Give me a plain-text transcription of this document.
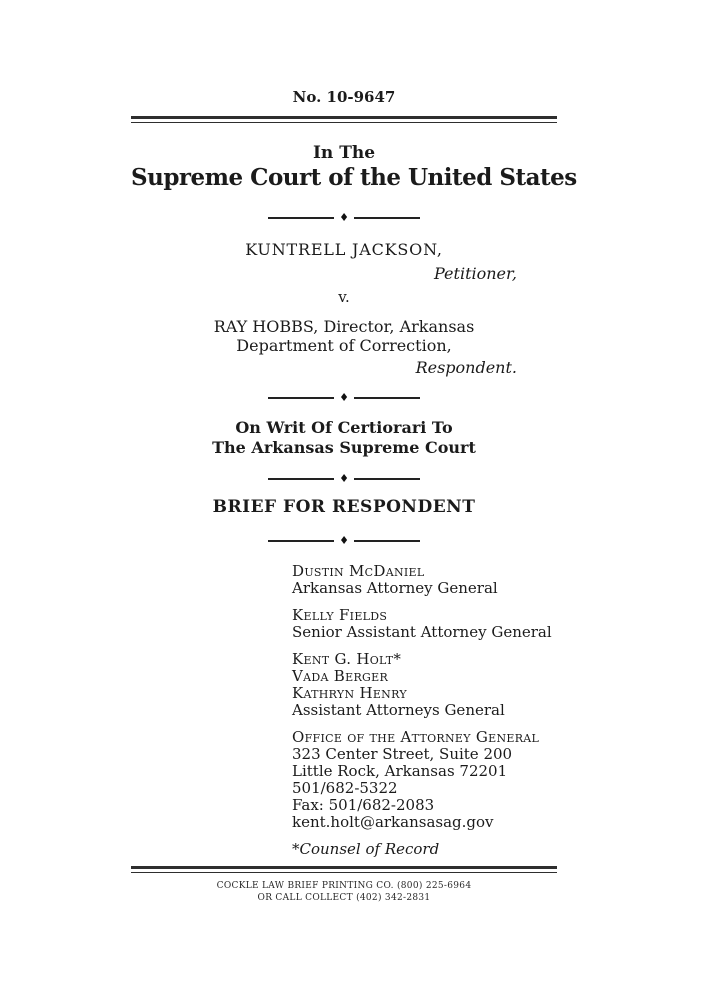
No. 10-9647
In The
Supreme Court of the United States
♦
KUNTRELL JACKSON,
Petitioner,
v.
RAY HOBBS, Director, Arkansas
Department of Correction,
Respondent.
♦
On Writ Of Certiorari To
The Arkansas Supreme Court
♦
BRIEF FOR RESPONDENT
♦
Dustin McDaniel
Arkansas Attorney General
Kelly Fields
Senior Assistant Attorney General
Kent G. Holt*
Vada Berger
Kathryn Henry
Assistant Attorneys General
Office of the Attorney General
323 Center Street, Suite 200
Little Rock, Arkansas 72201
501/682-5322
Fax: 501/682-2083
kent.holt@arkansasag.gov
*Counsel of Record
COCKLE LAW BRIEF PRINTING CO. (800) 225-6964
OR CALL COLLECT (402) 342-2831
